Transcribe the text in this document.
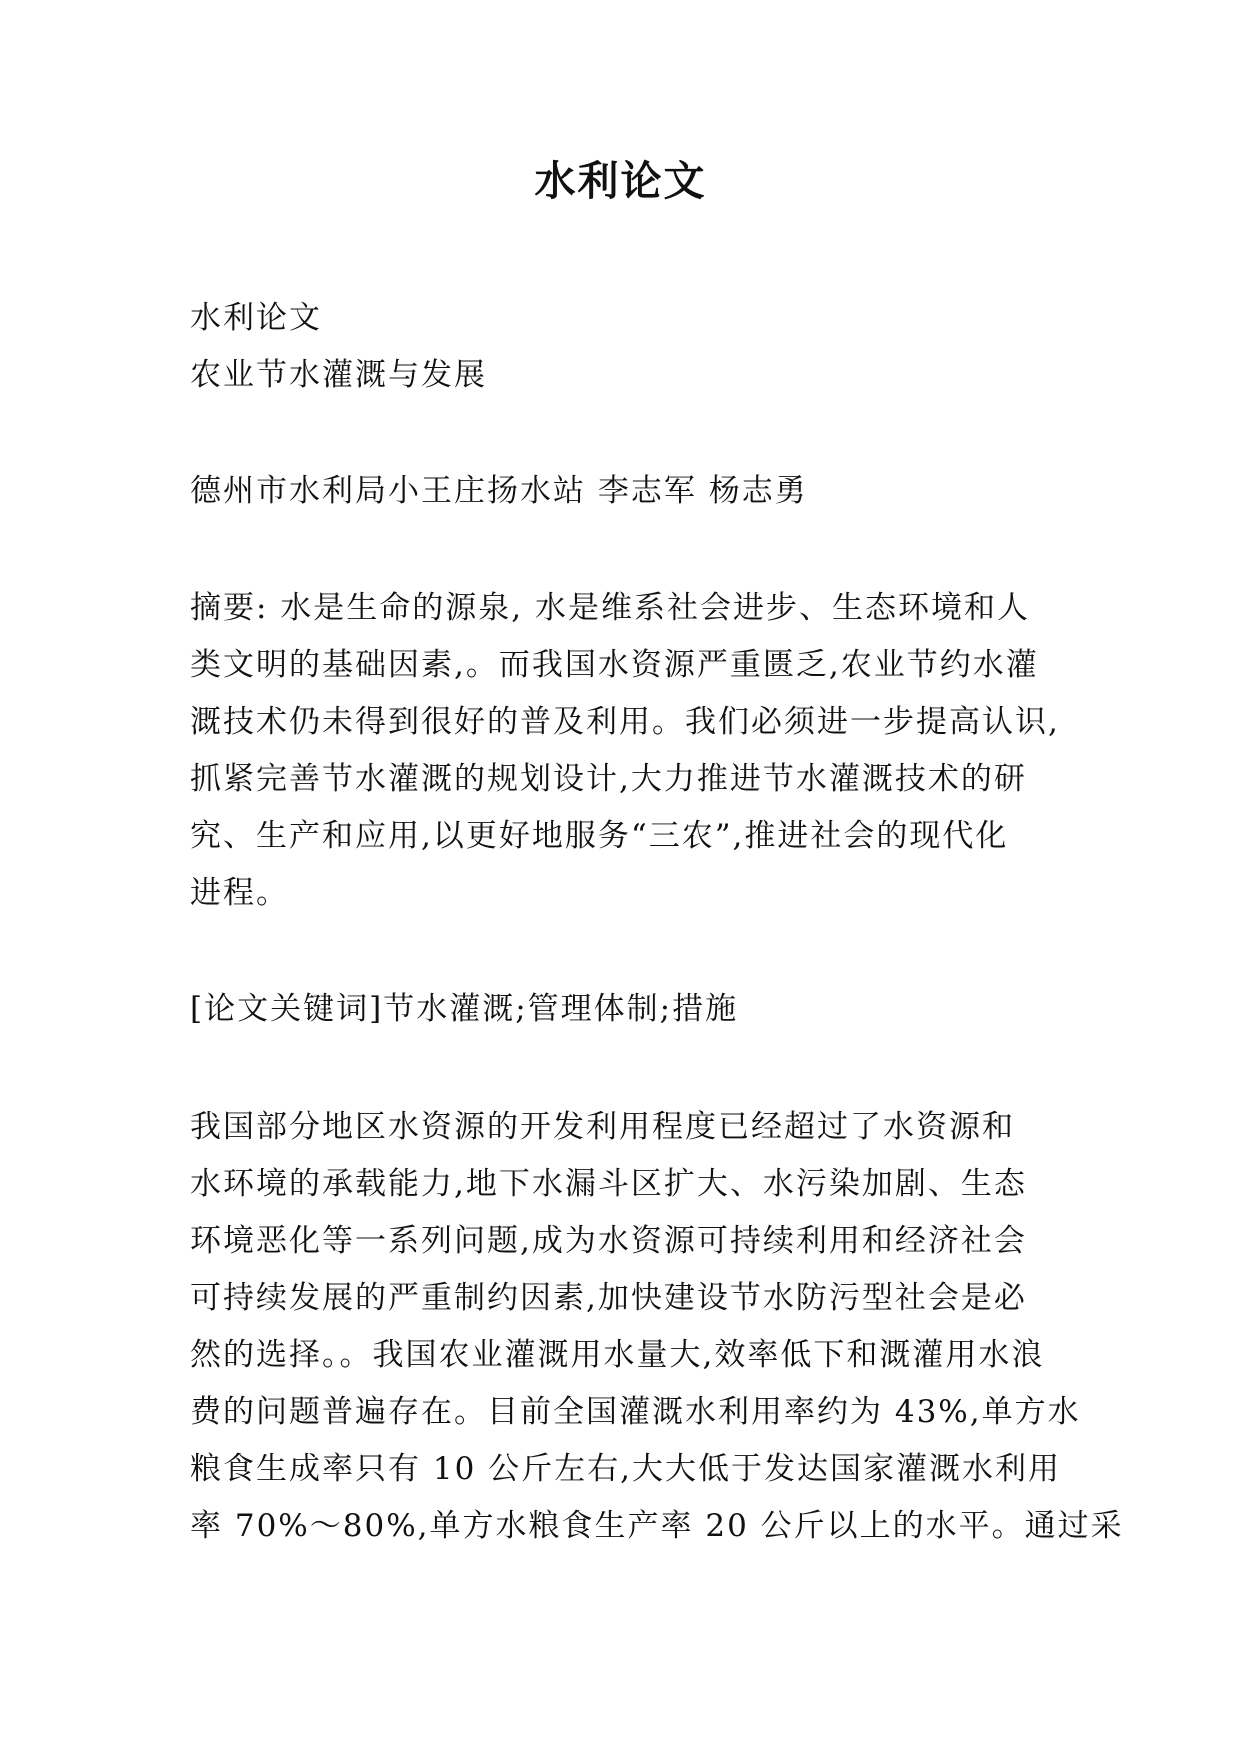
水利论文

水利论文

农业节水灌溉与发展

德州市水利局小王庄扬水站 李志军 杨志勇

摘要: 水是生命的源泉, 水是维系社会进步、生态环境和人

类文明的基础因素,。而我国水资源严重匮乏,农业节约水灌

溉技术仍未得到很好的普及利用。我们必须进一步提高认识,

抓紧完善节水灌溉的规划设计,大力推进节水灌溉技术的研

究、生产和应用,以更好地服务“三农”,推进社会的现代化

进程。

[论文关键词]节水灌溉;管理体制;措施

我国部分地区水资源的开发利用程度已经超过了水资源和

水环境的承载能力,地下水漏斗区扩大、水污染加剧、生态

环境恶化等一系列问题,成为水资源可持续利用和经济社会

可持续发展的严重制约因素,加快建设节水防污型社会是必

然的选择。。我国农业灌溉用水量大,效率低下和溉灌用水浪

费的问题普遍存在。目前全国灌溉水利用率约为 43%,单方水

粮食生成率只有 10 公斤左右,大大低于发达国家灌溉水利用

率 70%～80%,单方水粮食生产率 20 公斤以上的水平。通过采
